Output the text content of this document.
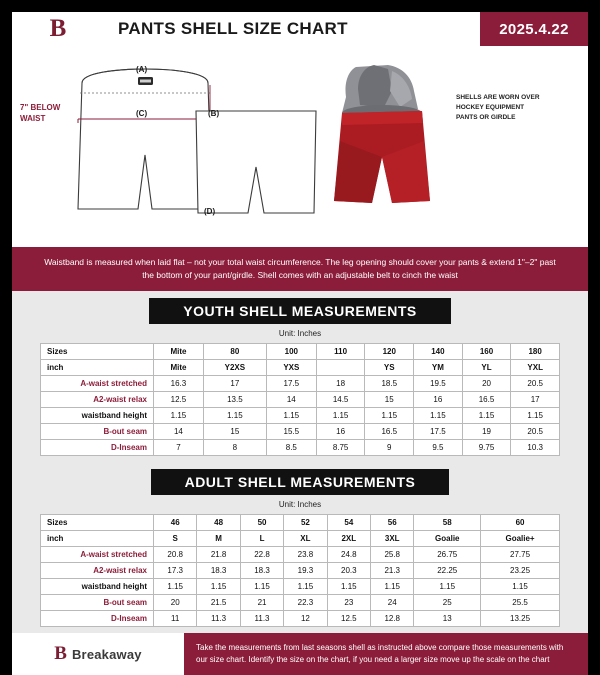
B	PANTS SHELL SIZE CHART	2025.4.22
(A)
(C)	(B)
(D)
7" BELOW
WAIST
SHELLS ARE WORN OVER HOCKEY EQUIPMENT PANTS OR GIRDLE
Waistband is measured when laid flat – not your total waist circumference. The leg opening should cover your pants & extend 1"–2" past the bottom of your pant/girdle. Shell comes with an adjustable belt to cinch the waist
YOUTH SHELL MEASUREMENTS
Unit: Inches
Sizes	Mite	80	100	110	120	140	160	180
inch	Mite	Y2XS	YXS		YS	YM	YL	YXL
A-waist stretched	16.3	17	17.5	18	18.5	19.5	20	20.5
A2-waist relax	12.5	13.5	14	14.5	15	16	16.5	17
waistband height	1.15	1.15	1.15	1.15	1.15	1.15	1.15	1.15
B-out seam	14	15	15.5	16	16.5	17.5	19	20.5
D-Inseam	7	8	8.5	8.75	9	9.5	9.75	10.3
ADULT SHELL MEASUREMENTS
Unit: Inches
Sizes	46	48	50	52	54	56	58	60
inch	S	M	L	XL	2XL	3XL	Goalie	Goalie+
A-waist stretched	20.8	21.8	22.8	23.8	24.8	25.8	26.75	27.75
A2-waist relax	17.3	18.3	18.3	19.3	20.3	21.3	22.25	23.25
waistband height	1.15	1.15	1.15	1.15	1.15	1.15	1.15	1.15
B-out seam	20	21.5	21	22.3	23	24	25	25.5
D-Inseam	11	11.3	11.3	12	12.5	12.8	13	13.25
B Breakaway	Take the measurements from last seasons shell as instructed above compare those measurements with our size chart. Identify the size on the chart, if you need a larger size move up the scale on the chart
